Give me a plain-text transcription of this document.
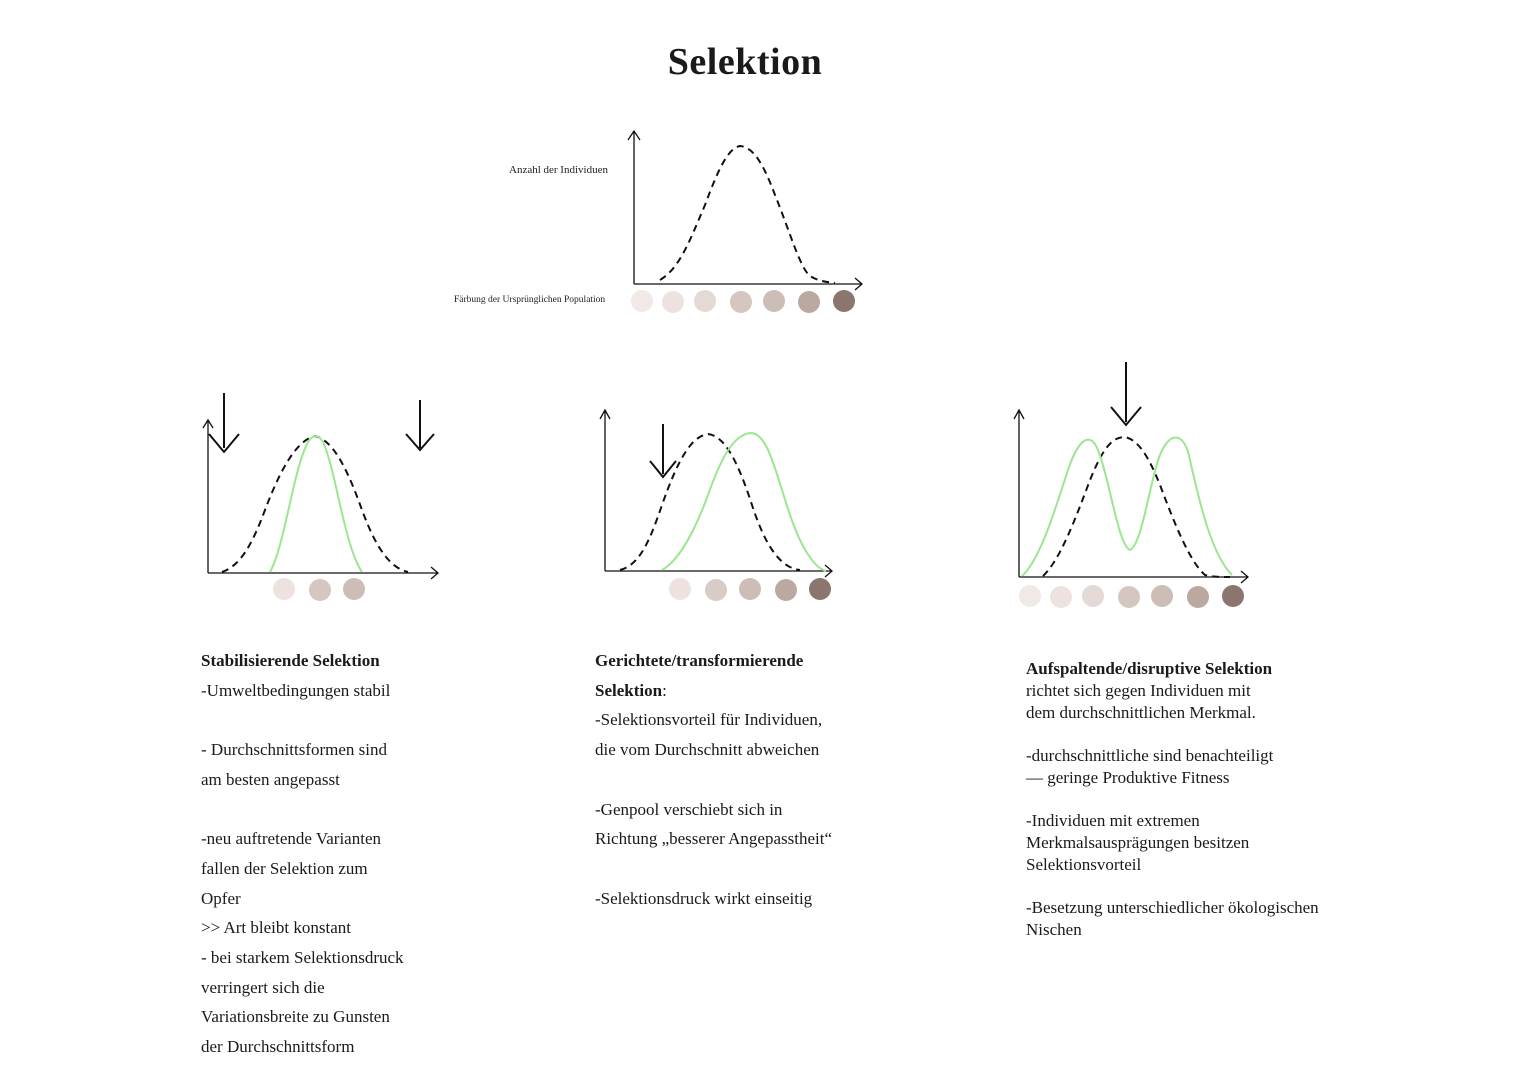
Selektion
Anzahl der Individuen
Färbung der Ursprünglichen Population

Stabilisierende Selektion

-Umweltbedingungen stabil

- Durchschnittsformen sind

am besten angepasst

-neu auftretende Varianten

fallen der Selektion zum

Opfer

>> Art bleibt konstant

- bei starkem Selektionsdruck

verringert sich die

Variationsbreite zu Gunsten

der Durchschnittsform

Gerichtete/transformierende

Selektion:

-Selektionsvorteil für Individuen,

die vom Durchschnitt abweichen

-Genpool verschiebt sich in

Richtung „besserer Angepasstheit“

-Selektionsdruck wirkt einseitig

Aufspaltende/disruptive Selektion

richtet sich gegen Individuen mit

dem durchschnittlichen Merkmal.

-durchschnittliche sind benachteiligt

— geringe Produktive Fitness

-Individuen mit extremen

Merkmalsausprägungen besitzen

Selektionsvorteil

-Besetzung unterschiedlicher ökologischen

Nischen
